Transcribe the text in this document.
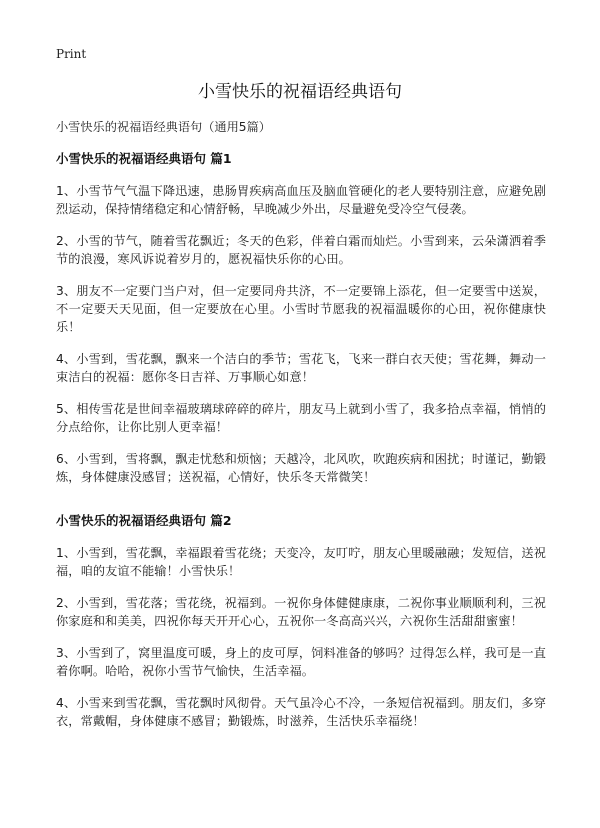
Print
小雪快乐的祝福语经典语句

小雪快乐的祝福语经典语句（通用5篇）

小雪快乐的祝福语经典语句 篇1

1、小雪节气气温下降迅速，患肠胃疾病高血压及脑血管硬化的老人要特别注意，应避免剧烈运动，保持情绪稳定和心情舒畅，早晚减少外出，尽量避免受冷空气侵袭。

2、小雪的节气，随着雪花飘近；冬天的色彩，伴着白霜而灿烂。小雪到来，云朵潇洒着季节的浪漫，寒风诉说着岁月的，愿祝福快乐你的心田。

3、朋友不一定要门当户对，但一定要同舟共济，不一定要锦上添花，但一定要雪中送炭，不一定要天天见面，但一定要放在心里。小雪时节愿我的祝福温暖你的心田，祝你健康快乐！

4、小雪到，雪花飘，飘来一个洁白的季节；雪花飞，飞来一群白衣天使；雪花舞，舞动一束洁白的祝福：愿你冬日吉祥、万事顺心如意！

5、相传雪花是世间幸福玻璃球碎碎的碎片，朋友马上就到小雪了，我多拾点幸福，悄悄的分点给你，让你比别人更幸福！

6、小雪到，雪将飘，飘走忧愁和烦恼；天越冷，北风吹，吹跑疾病和困扰；时谨记，勤锻炼，身体健康没感冒；送祝福，心情好，快乐冬天常微笑！

小雪快乐的祝福语经典语句 篇2

1、小雪到，雪花飘，幸福跟着雪花绕；天变冷，友叮咛，朋友心里暖融融；发短信，送祝福，咱的友谊不能输！小雪快乐！

2、小雪到，雪花落；雪花绕，祝福到。一祝你身体健健康康，二祝你事业顺顺利利，三祝你家庭和和美美，四祝你每天开开心心，五祝你一冬高高兴兴，六祝你生活甜甜蜜蜜！

3、小雪到了，窝里温度可暖，身上的皮可厚，饲料准备的够吗？过得怎么样，我可是一直着你啊。哈哈，祝你小雪节气愉快，生活幸福。

4、小雪来到雪花飘，雪花飘时风彻骨。天气虽冷心不冷，一条短信祝福到。朋友们，多穿衣，常戴帽，身体健康不感冒；勤锻炼，时滋养，生活快乐幸福绕！
